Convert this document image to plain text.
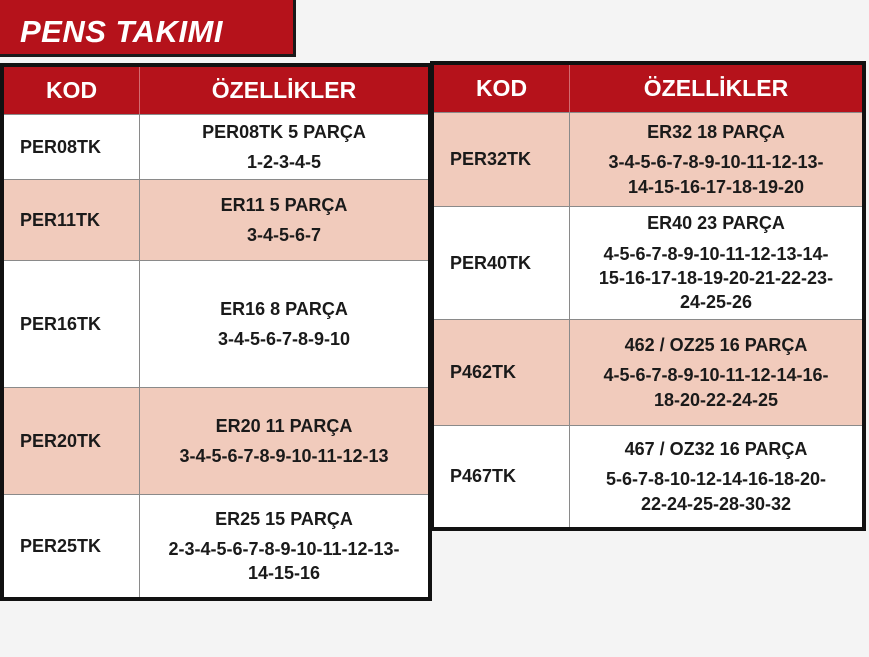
PENS TAKIMI
KOD	ÖZELLİKLER
PER08TK
PER08TK 5 PARÇA
1-2-3-4-5
PER11TK
ER11 5 PARÇA
3-4-5-6-7
PER16TK
ER16 8 PARÇA
3-4-5-6-7-8-9-10
PER20TK
ER20 11 PARÇA
3-4-5-6-7-8-9-10-11-12-13
PER25TK
ER25 15 PARÇA
2-3-4-5-6-7-8-9-10-11-12-13-
14-15-16
KOD	ÖZELLİKLER
PER32TK
ER32 18 PARÇA
3-4-5-6-7-8-9-10-11-12-13-
14-15-16-17-18-19-20
PER40TK
ER40 23 PARÇA
4-5-6-7-8-9-10-11-12-13-14-
15-16-17-18-19-20-21-22-23-
24-25-26
P462TK
462 / OZ25 16 PARÇA
4-5-6-7-8-9-10-11-12-14-16-
18-20-22-24-25
P467TK
467 / OZ32 16 PARÇA
5-6-7-8-10-12-14-16-18-20-
22-24-25-28-30-32
